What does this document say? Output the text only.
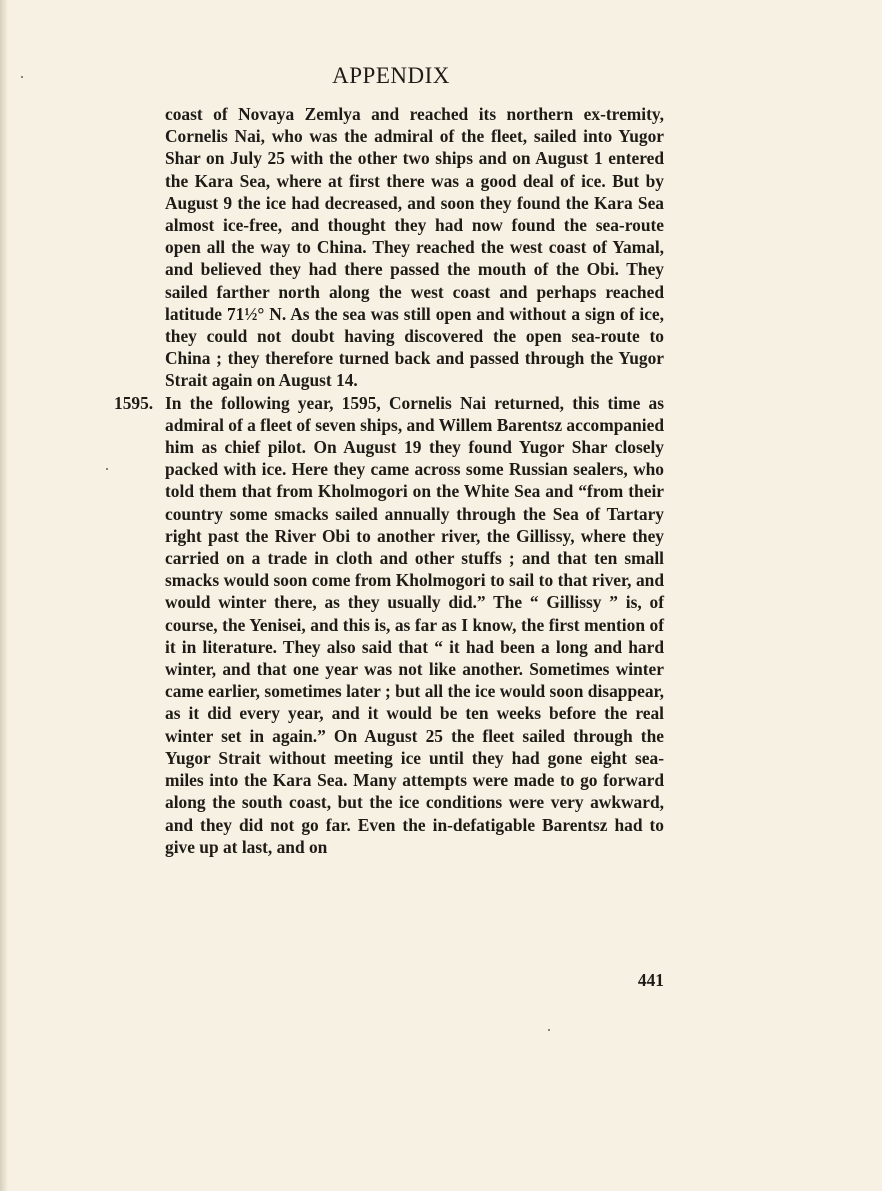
APPENDIX

coast of Novaya Zemlya and reached its northern ex-tremity, Cornelis Nai, who was the admiral of the fleet, sailed into Yugor Shar on July 25 with the other two ships and on August 1 entered the Kara Sea, where at first there was a good deal of ice. But by August 9 the ice had decreased, and soon they found the Kara Sea almost ice-free, and thought they had now found the sea-route open all the way to China. They reached the west coast of Yamal, and believed they had there passed the mouth of the Obi. They sailed farther north along the west coast and perhaps reached latitude 71½° N. As the sea was still open and without a sign of ice, they could not doubt having discovered the open sea-route to China ; they therefore turned back and passed through the Yugor Strait again on August 14.

1595. In the following year, 1595, Cornelis Nai returned, this time as admiral of a fleet of seven ships, and Willem Barentsz accompanied him as chief pilot. On August 19 they found Yugor Shar closely packed with ice. Here they came across some Russian sealers, who told them that from Kholmogori on the White Sea and “from their country some smacks sailed annually through the Sea of Tartary right past the River Obi to another river, the Gillissy, where they carried on a trade in cloth and other stuffs ; and that ten small smacks would soon come from Kholmogori to sail to that river, and would winter there, as they usually did.” The “ Gillissy ” is, of course, the Yenisei, and this is, as far as I know, the first mention of it in literature. They also said that “ it had been a long and hard winter, and that one year was not like another. Sometimes winter came earlier, sometimes later ; but all the ice would soon disappear, as it did every year, and it would be ten weeks before the real winter set in again.” On August 25 the fleet sailed through the Yugor Strait without meeting ice until they had gone eight sea-miles into the Kara Sea. Many attempts were made to go forward along the south coast, but the ice conditions were very awkward, and they did not go far. Even the in-defatigable Barentsz had to give up at last, and on

441
